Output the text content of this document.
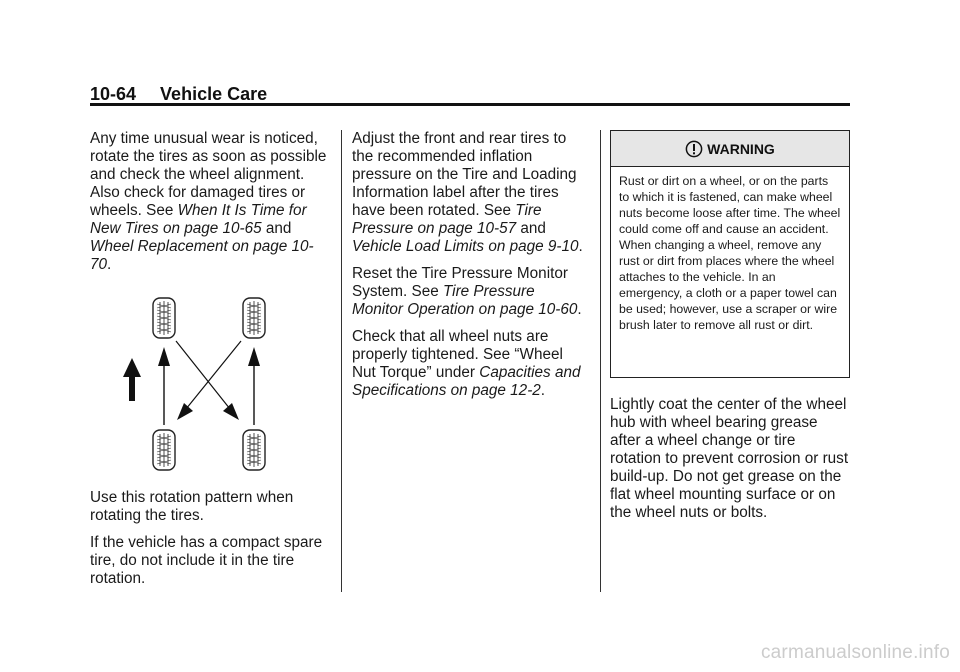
10-64 Vehicle Care

Any time unusual wear is noticed, rotate the tires as soon as possible and check the wheel alignment. Also check for damaged tires or wheels. See When It Is Time for New Tires on page 10-65 and Wheel Replacement on page 10-70.

Use this rotation pattern when rotating the tires.

If the vehicle has a compact spare tire, do not include it in the tire rotation.

Adjust the front and rear tires to the recommended inflation pressure on the Tire and Loading Information label after the tires have been rotated. See Tire Pressure on page 10-57 and Vehicle Load Limits on page 9-10.

Reset the Tire Pressure Monitor System. See Tire Pressure Monitor Operation on page 10-60.

Check that all wheel nuts are properly tightened. See “Wheel Nut Torque” under Capacities and Specifications on page 12-2.

WARNING
Rust or dirt on a wheel, or on the parts to which it is fastened, can make wheel nuts become loose after time. The wheel could come off and cause an accident. When changing a wheel, remove any rust or dirt from places where the wheel attaches to the vehicle. In an emergency, a cloth or a paper towel can be used; however, use a scraper or wire brush later to remove all rust or dirt.

Lightly coat the center of the wheel hub with wheel bearing grease after a wheel change or tire rotation to prevent corrosion or rust build-up. Do not get grease on the flat wheel mounting surface or on the wheel nuts or bolts.

carmanualsonline.info
